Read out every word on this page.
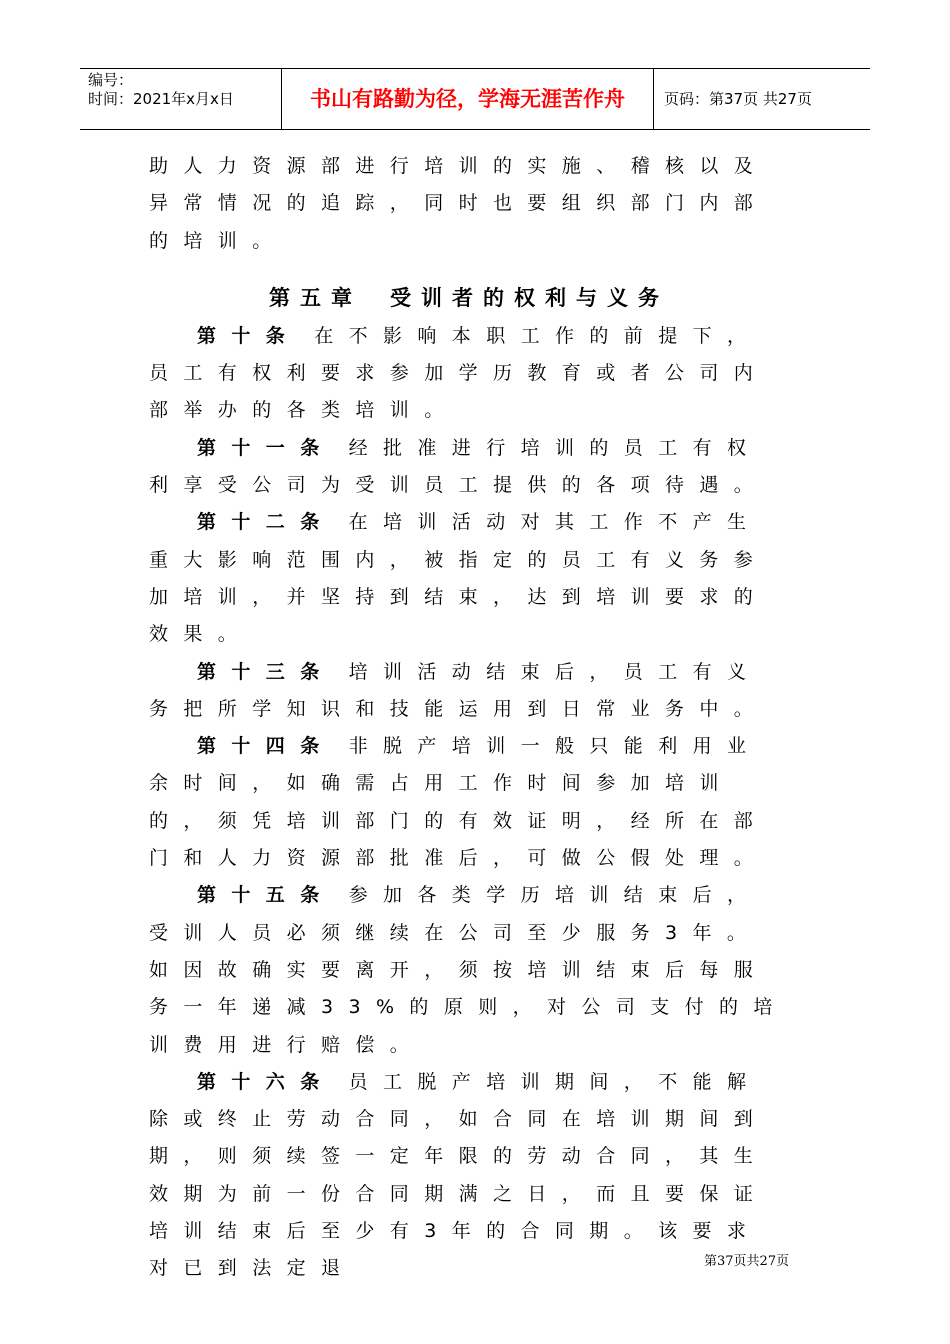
编号：
时间：2021年x月x日	书山有路勤为径，学海无涯苦作舟	页码：第37页 共27页

助人力资源部进行培训的实施、稽核以及异常情况的追踪，同时也要组织部门内部的培训。

第五章 受训者的权利与义务

第十条 在不影响本职工作的前提下，员工有权利要求参加学历教育或者公司内部举办的各类培训。

第十一条 经批准进行培训的员工有权利享受公司为受训员工提供的各项待遇。

第十二条 在培训活动对其工作不产生重大影响范围内，被指定的员工有义务参加培训，并坚持到结束，达到培训要求的效果。

第十三条 培训活动结束后，员工有义务把所学知识和技能运用到日常业务中。

第十四条 非脱产培训一般只能利用业余时间，如确需占用工作时间参加培训的，须凭培训部门的有效证明，经所在部门和人力资源部批准后，可做公假处理。

第十五条 参加各类学历培训结束后，受训人员必须继续在公司至少服务3年。如因故确实要离开，须按培训结束后每服务一年递减33%的原则，对公司支付的培训费用进行赔偿。

第十六条 员工脱产培训期间，不能解除或终止劳动合同，如合同在培训期间到期，则须续签一定年限的劳动合同，其生效期为前一份合同期满之日，而且要保证培训结束后至少有3年的合同期。该要求对已到法定退	第37页共27页
